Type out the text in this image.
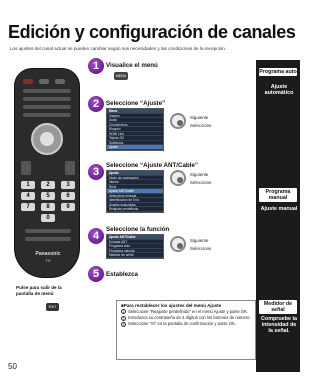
Edición y configuración de canales
Los ajustes del canal actual se pueden cambiar según sus necesidades y las condiciones de la recepción.
Programa auto
Ajuste automático
Programa manual
Ajuste manual
Medidor de señal
Compruebe la intensidad de la señal.
1	2	3
4	5	6
7	8	9
0
Panasonic
TV
Pulse para salir de la pantalla de menú
EXIT
1	Visualice el menú
MENU
2	Seleccione “Ajuste”
Menú
Imagen
Audio
Cronómetros
Bloqueo
HDMI Link
Tarjeta SD
Subtítulos
Ajuste
Siguiente
Seleccione
3
Seleccione “Ajuste ANT/Cable”
Ajuste
Modo de navegación
Idioma
Reloj
Ajuste ANT/Cable
Seleccione entrada
Identificación de Entr.
Ajustes avanzados
Reajuste predefinido
Siguiente
Seleccione
4
Seleccione la función
Ajuste ANT/Cable
Entrada ANT
Programa auto
Programa manual
Medidor de señal
Siguiente
Seleccione
5	Establezca
■Para restablecer los ajustes del menú Ajuste
1 Seleccione “Reajuste predefinido” en el menú Ajuste y pulse OK.
2 Introduzca su contraseña de 4 dígitos con los botones de número.
3 Seleccione “Sí” en la pantalla de confirmación y pulse OK.
50
